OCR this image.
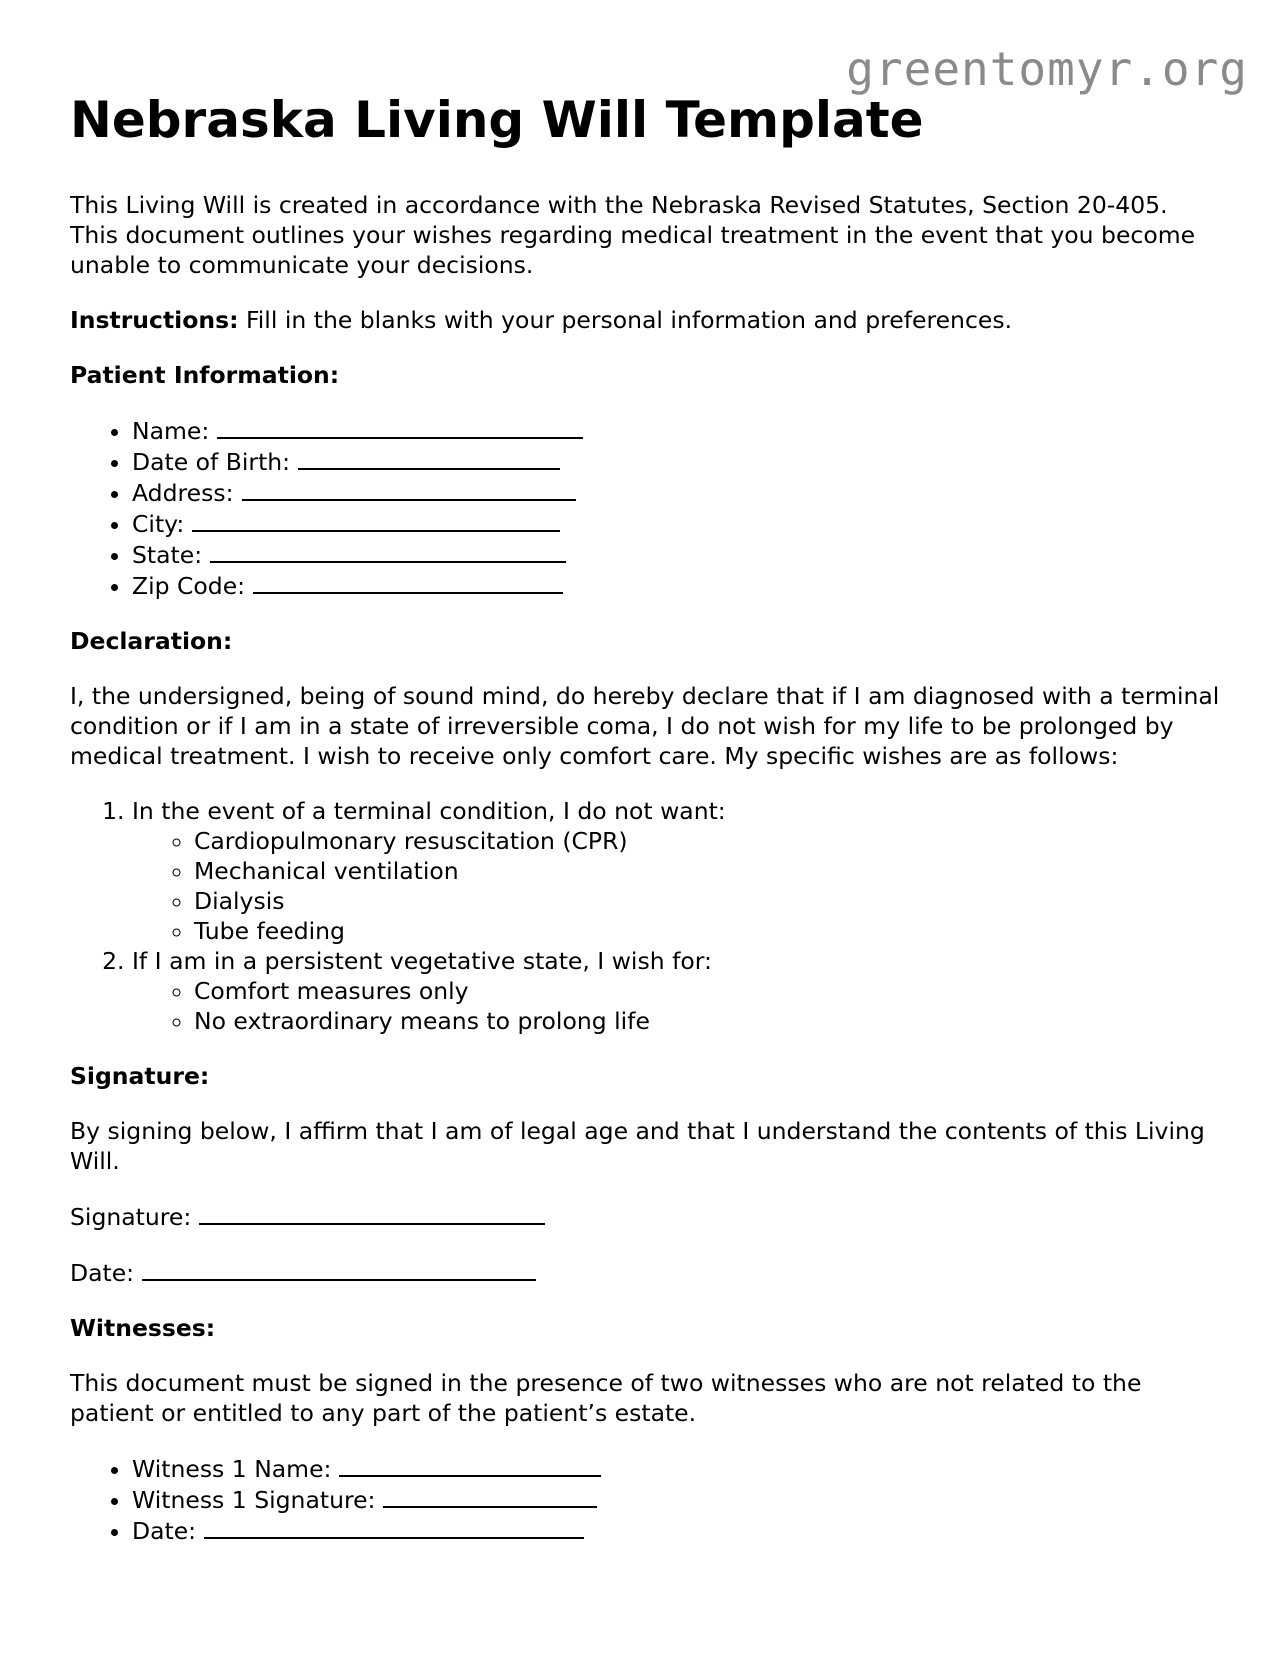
greentomyr.org
Nebraska Living Will Template

This Living Will is created in accordance with the Nebraska Revised Statutes, Section 20-405. This document outlines your wishes regarding medical treatment in the event that you become unable to communicate your decisions.

Instructions: Fill in the blanks with your personal information and preferences.

Patient Information:
• Name:
• Date of Birth:
• Address:
• City:
• State:
• Zip Code:
Declaration:

I, the undersigned, being of sound mind, do hereby declare that if I am diagnosed with a terminal condition or if I am in a state of irreversible coma, I do not wish for my life to be prolonged by medical treatment. I wish to receive only comfort care. My specific wishes are as follows:

1. In the event of a terminal condition, I do not want:
◦ Cardiopulmonary resuscitation (CPR)
◦ Mechanical ventilation
◦ Dialysis
◦ Tube feeding
2. If I am in a persistent vegetative state, I wish for:
◦ Comfort measures only
◦ No extraordinary means to prolong life
Signature:

By signing below, I affirm that I am of legal age and that I understand the contents of this Living Will.

Signature:
Date:
Witnesses:

This document must be signed in the presence of two witnesses who are not related to the patient or entitled to any part of the patient’s estate.

• Witness 1 Name:
• Witness 1 Signature:
• Date:
